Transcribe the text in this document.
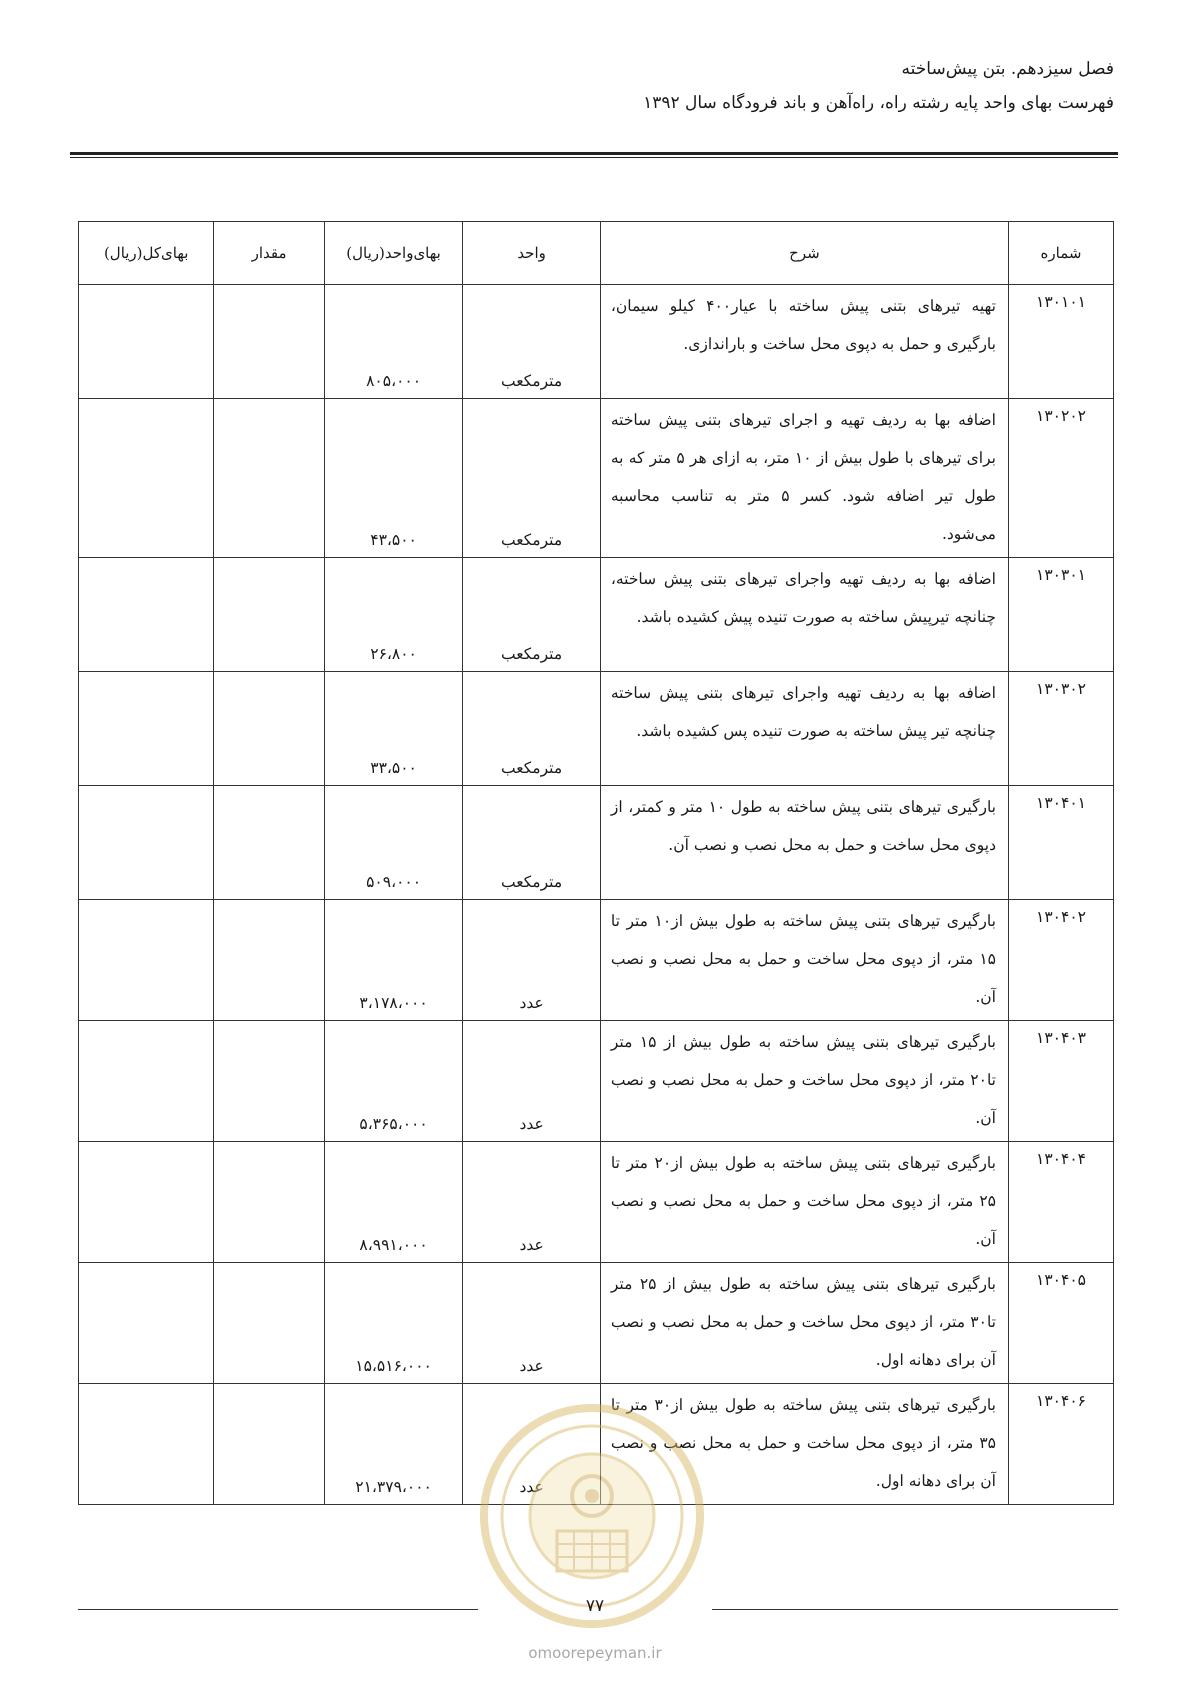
فصل سیزدهم. بتن پیش‌ساخته
فهرست بهای واحد پایه رشته راه، راه‌آهن و باند فرودگاه سال ۱۳۹۲
شماره	شرح	واحد	بهای‌واحد(ریال)	مقدار	بهای‌کل(ریال)
۱۳۰۱۰۱	تهیه تیرهای بتنی پیش ساخته با عیار۴۰۰ کیلو سیمان، بارگیری و حمل به دپوی محل ساخت و باراندازی.	مترمکعب	۸۰۵،۰۰۰		
۱۳۰۲۰۲	اضافه بها به ردیف تهیه و اجرای تیرهای بتنی پیش ساخته برای تیرهای با طول بیش از ۱۰ متر، به ازای هر ۵ متر که به طول تیر اضافه شود. کسر ۵ متر به تناسب محاسبه می‌شود.	مترمکعب	۴۳،۵۰۰		
۱۳۰۳۰۱	اضافه بها به ردیف تهیه واجرای تیرهای بتنی پیش ساخته، چنانچه تیرپیش ساخته به صورت تنیده پیش کشیده باشد.	مترمکعب	۲۶،۸۰۰		
۱۳۰۳۰۲	اضافه بها به ردیف تهیه واجرای تیرهای بتنی پیش ساخته چنانچه تیر پیش ساخته به صورت تنیده پس کشیده باشد.	مترمکعب	۳۳،۵۰۰		
۱۳۰۴۰۱	بارگیری تیرهای بتنی پیش ساخته به طول ۱۰ متر و کمتر، از دپوی محل ساخت و حمل به محل نصب و نصب آن.	مترمکعب	۵۰۹،۰۰۰		
۱۳۰۴۰۲	بارگیری تیرهای بتنی پیش ساخته به طول بیش از۱۰ متر تا ۱۵ متر، از دپوی محل ساخت و حمل به محل نصب و نصب آن.	عدد	۳،۱۷۸،۰۰۰		
۱۳۰۴۰۳	بارگیری تیرهای بتنی پیش ساخته به طول بیش از ۱۵ متر تا۲۰ متر، از دپوی محل ساخت و حمل به محل نصب و نصب آن.	عدد	۵،۳۶۵،۰۰۰		
۱۳۰۴۰۴	بارگیری تیرهای بتنی پیش ساخته به طول بیش از۲۰ متر تا ۲۵ متر، از دپوی محل ساخت و حمل به محل نصب و نصب آن.	عدد	۸،۹۹۱،۰۰۰		
۱۳۰۴۰۵	بارگیری تیرهای بتنی پیش ساخته به طول بیش از ۲۵ متر تا۳۰ متر، از دپوی محل ساخت و حمل به محل نصب و نصب آن برای دهانه اول.	عدد	۱۵،۵۱۶،۰۰۰		
۱۳۰۴۰۶	بارگیری تیرهای بتنی پیش ساخته به طول بیش از۳۰ متر تا ۳۵ متر، از دپوی محل ساخت و حمل به محل نصب و نصب آن برای دهانه اول.	عدد	۲۱،۳۷۹،۰۰۰		
۷۷
omoorepeyman.ir
